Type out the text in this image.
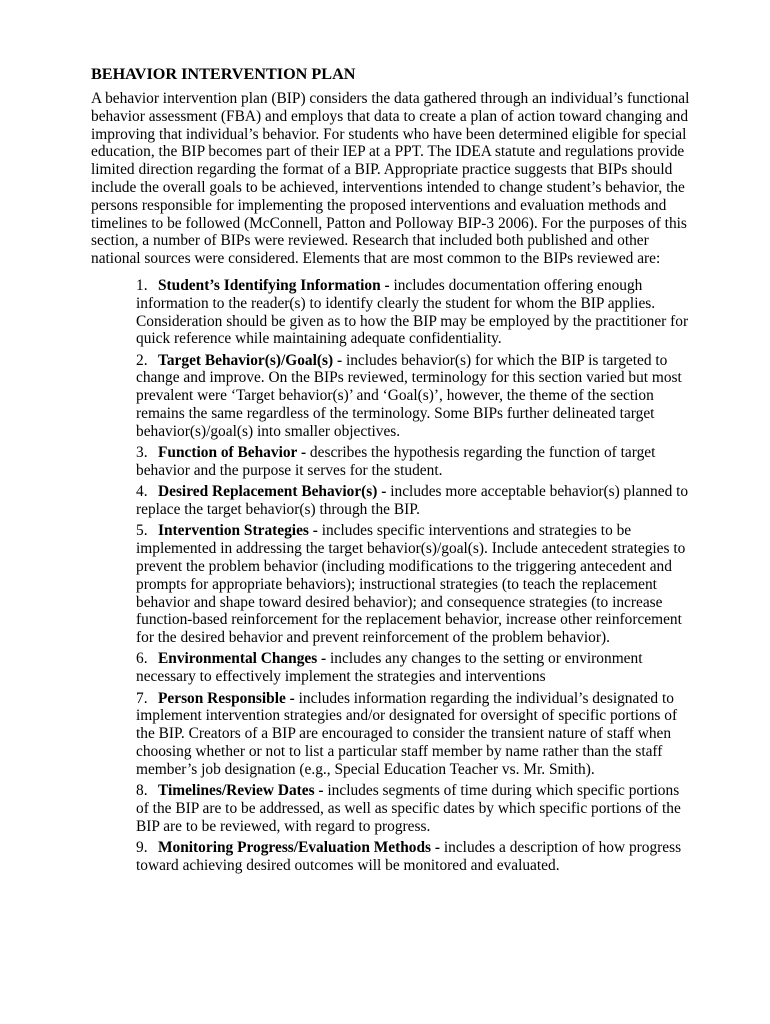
BEHAVIOR INTERVENTION PLAN

A behavior intervention plan (BIP) considers the data gathered through an individual’s functional
behavior assessment (FBA) and employs that data to create a plan of action toward changing and
improving that individual’s behavior. For students who have been determined eligible for special
education, the BIP becomes part of their IEP at a PPT. The IDEA statute and regulations provide
limited direction regarding the format of a BIP. Appropriate practice suggests that BIPs should
include the overall goals to be achieved, interventions intended to change student’s behavior, the
persons responsible for implementing the proposed interventions and evaluation methods and
timelines to be followed (McConnell, Patton and Polloway BIP-3 2006). For the purposes of this
section, a number of BIPs were reviewed. Research that included both published and other
national sources were considered. Elements that are most common to the BIPs reviewed are:

1. Student’s Identifying Information - includes documentation offering enough
information to the reader(s) to identify clearly the student for whom the BIP applies.
Consideration should be given as to how the BIP may be employed by the practitioner for
quick reference while maintaining adequate confidentiality.
2. Target Behavior(s)/Goal(s) - includes behavior(s) for which the BIP is targeted to
change and improve. On the BIPs reviewed, terminology for this section varied but most
prevalent were ‘Target behavior(s)’ and ‘Goal(s)’, however, the theme of the section
remains the same regardless of the terminology. Some BIPs further delineated target
behavior(s)/goal(s) into smaller objectives.
3. Function of Behavior - describes the hypothesis regarding the function of target
behavior and the purpose it serves for the student.
4. Desired Replacement Behavior(s) - includes more acceptable behavior(s) planned to
replace the target behavior(s) through the BIP.
5. Intervention Strategies - includes specific interventions and strategies to be
implemented in addressing the target behavior(s)/goal(s). Include antecedent strategies to
prevent the problem behavior (including modifications to the triggering antecedent and
prompts for appropriate behaviors); instructional strategies (to teach the replacement
behavior and shape toward desired behavior); and consequence strategies (to increase
function-based reinforcement for the replacement behavior, increase other reinforcement
for the desired behavior and prevent reinforcement of the problem behavior).
6. Environmental Changes - includes any changes to the setting or environment
necessary to effectively implement the strategies and interventions
7. Person Responsible - includes information regarding the individual’s designated to
implement intervention strategies and/or designated for oversight of specific portions of
the BIP. Creators of a BIP are encouraged to consider the transient nature of staff when
choosing whether or not to list a particular staff member by name rather than the staff
member’s job designation (e.g., Special Education Teacher vs. Mr. Smith).
8. Timelines/Review Dates - includes segments of time during which specific portions
of the BIP are to be addressed, as well as specific dates by which specific portions of the
BIP are to be reviewed, with regard to progress.
9. Monitoring Progress/Evaluation Methods - includes a description of how progress
toward achieving desired outcomes will be monitored and evaluated.
